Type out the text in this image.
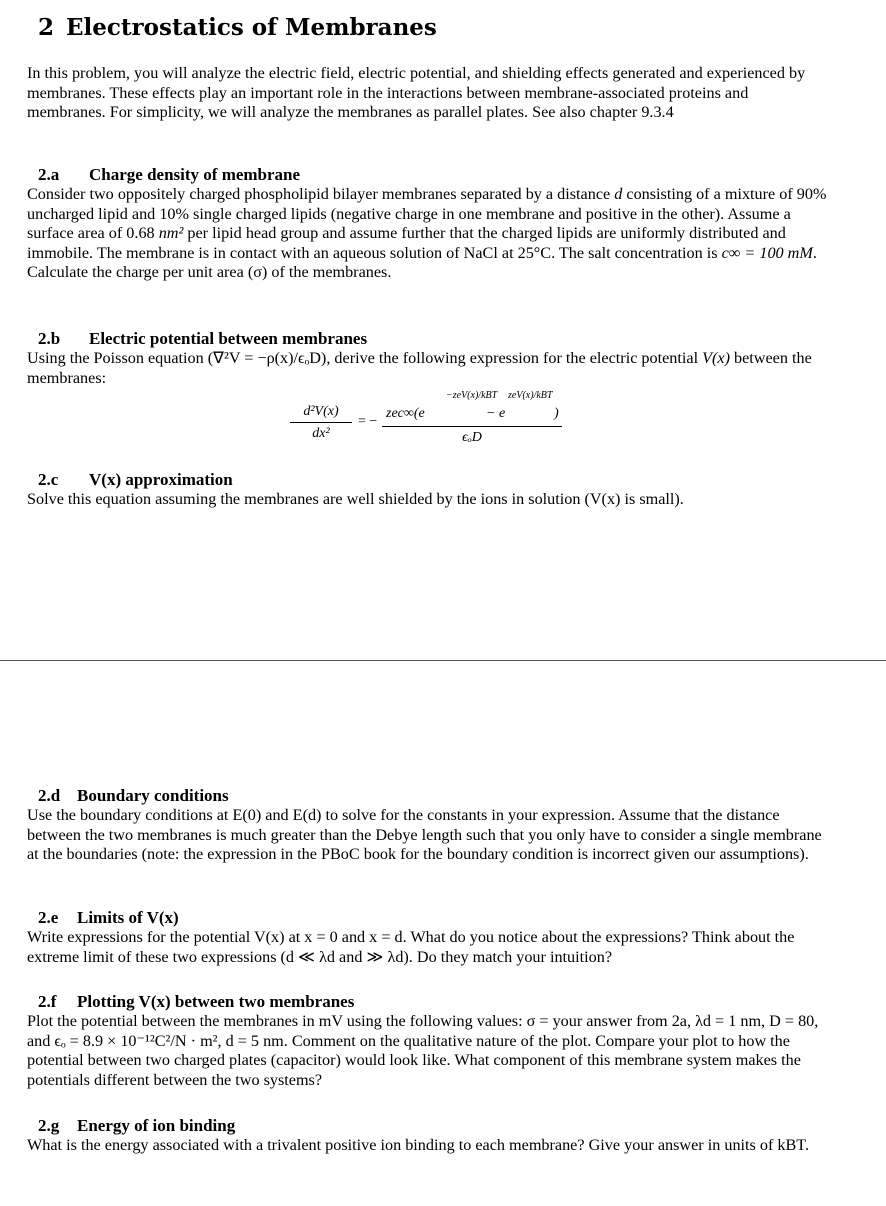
2 Electrostatics of Membranes

In this problem, you will analyze the electric field, electric potential, and shielding effects generated and experienced by membranes. These effects play an important role in the interactions between membrane-associated proteins and membranes. For simplicity, we will analyze the membranes as parallel plates. See also chapter 9.3.4

2.a Charge density of membrane

Consider two oppositely charged phospholipid bilayer membranes separated by a distance d consisting of a mixture of 90% uncharged lipid and 10% single charged lipids (negative charge in one membrane and positive in the other). Assume a surface area of 0.68 nm² per lipid head group and assume further that the charged lipids are uniformly distributed and immobile. The membrane is in contact with an aqueous solution of NaCl at 25°C. The salt concentration is c∞ = 100 mM. Calculate the charge per unit area (σ) of the membranes.

2.b Electric potential between membranes

Using the Poisson equation (∇²V = −ρ(x)/ϵₒD), derive the following expression for the electric potential V(x) between the membranes:

$\frac{\text{d²V(x)}}{\text{dx²}}$ = −
zec∞(e
−zeV(x)/kBT
− e
zeV(x)/kBT
)
ϵₒD
2.c V(x) approximation

Solve this equation assuming the membranes are well shielded by the ions in solution (V(x) is small).

2.d Boundary conditions

Use the boundary conditions at E(0) and E(d) to solve for the constants in your expression. Assume that the distance between the two membranes is much greater than the Debye length such that you only have to consider a single membrane at the boundaries (note: the expression in the PBoC book for the boundary condition is incorrect given our assumptions).

2.e Limits of V(x)

Write expressions for the potential V(x) at x = 0 and x = d. What do you notice about the expressions? Think about the extreme limit of these two expressions (d ≪ λd and ≫ λd). Do they match your intuition?

2.f Plotting V(x) between two membranes

Plot the potential between the membranes in mV using the following values: σ = your answer from 2a, λd = 1 nm, D = 80, and ϵₒ = 8.9 × 10⁻¹²C²/N · m², d = 5 nm. Comment on the qualitative nature of the plot. Compare your plot to how the potential between two charged plates (capacitor) would look like. What component of this membrane system makes the potentials different between the two systems?

2.g Energy of ion binding

What is the energy associated with a trivalent positive ion binding to each membrane? Give your answer in units of kBT.
